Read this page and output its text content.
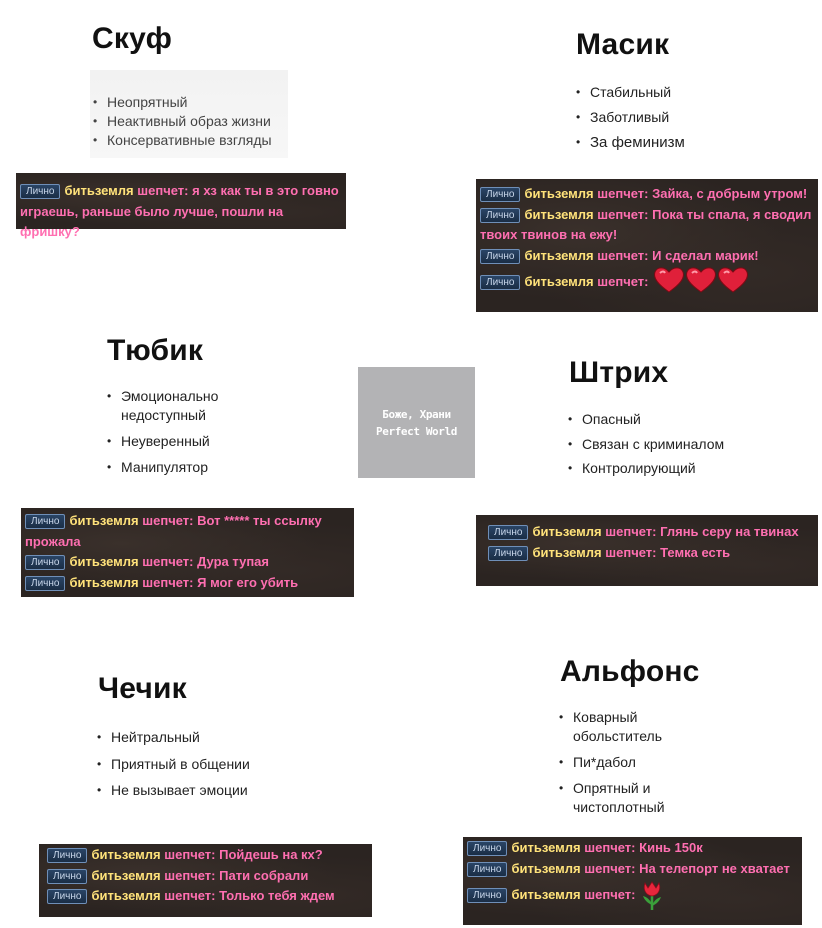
Скуф
• Неопрятный
• Неактивный образ жизни
• Консервативные взгляды
Лично битьземля шепчет: я хз как ты в это говно играешь, раньше было лучше, пошли на фришку?
Масик
• Стабильный
• Заботливый
• За феминизм
Лично битьземля шепчет: Зайка, с добрым утром!
Лично битьземля шепчет: Пока ты спала, я сводил твоих твинов на ежу!
Лично битьземля шепчет: И сделал марик!
Лично битьземля шепчет:
Боже, Храни
Perfect World
Тюбик
• Эмоционально недоступный
• Неуверенный
• Манипулятор
Лично битьземля шепчет: Вот ***** ты ссылку прожала
Лично битьземля шепчет: Дура тупая
Лично битьземля шепчет: Я мог его убить
Штрих
• Опасный
• Связан с криминалом
• Контролирующий
Лично битьземля шепчет: Глянь серу на твинах
Лично битьземля шепчет: Темка есть
Чечик
• Нейтральный
• Приятный в общении
• Не вызывает эмоции
Лично битьземля шепчет: Пойдешь на кх?
Лично битьземля шепчет: Пати собрали
Лично битьземля шепчет: Только тебя ждем
Альфонс
• Коварный обольститель
• Пи*дабол
• Опрятный и чистоплотный
Лично битьземля шепчет: Кинь 150к
Лично битьземля шепчет: На телепорт не хватает
Лично битьземля шепчет:
